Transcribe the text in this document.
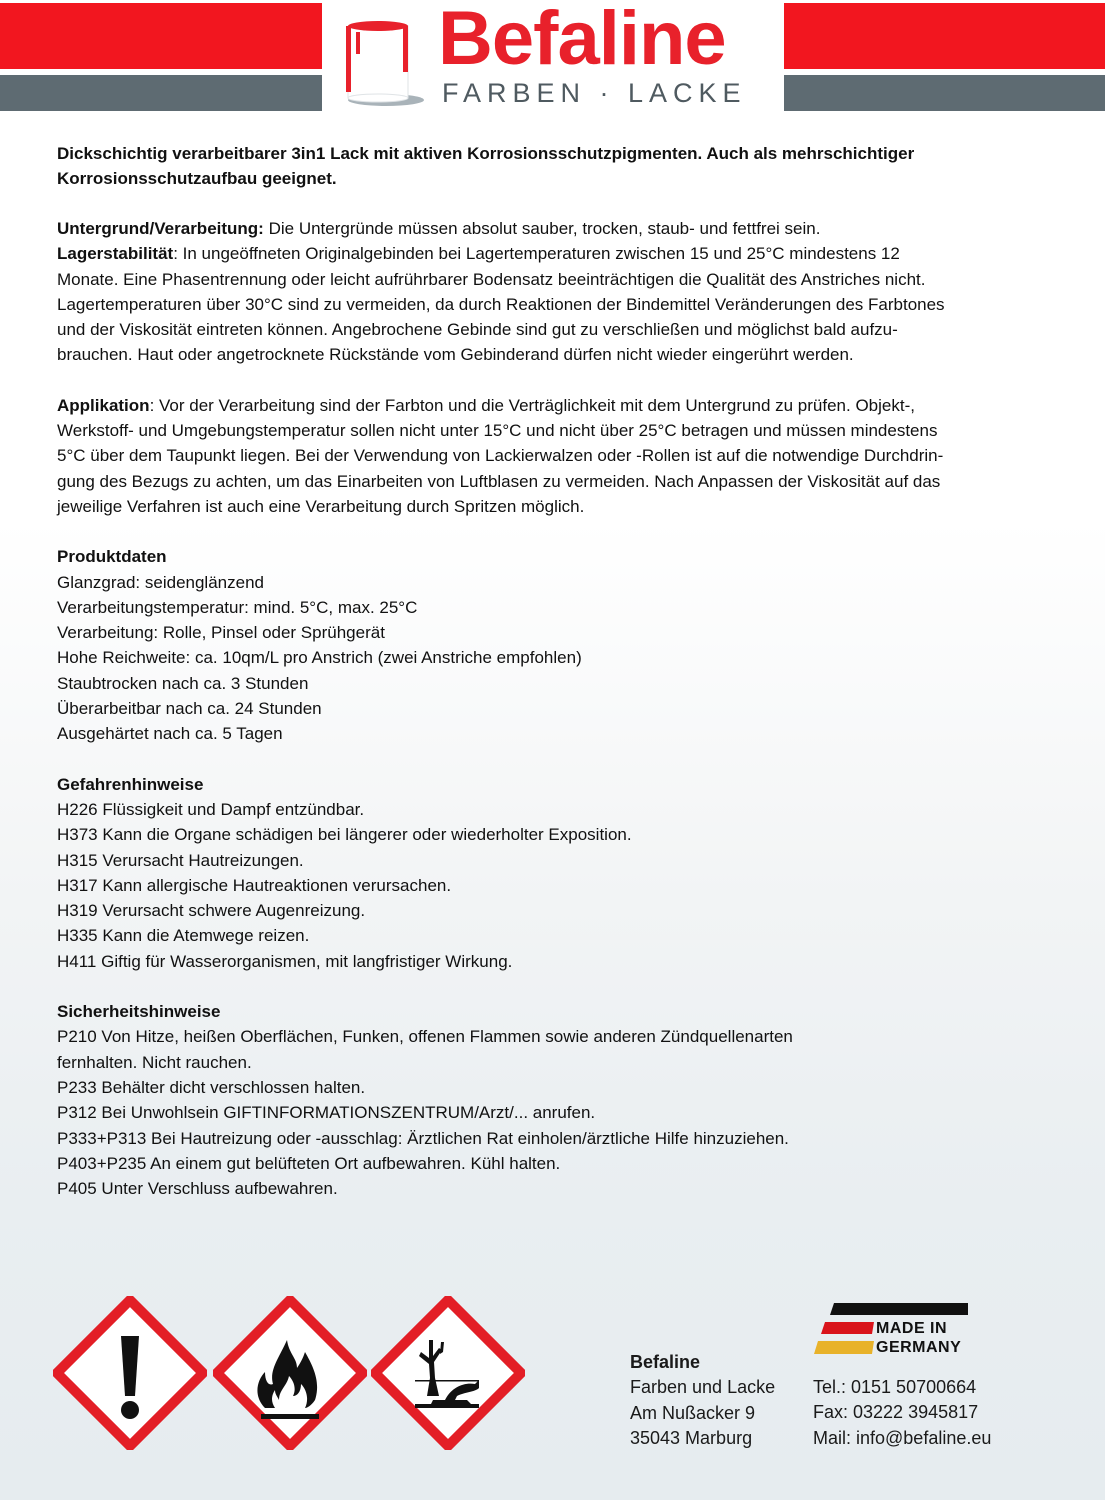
Befaline
FARBEN · LACKE

Dickschichtig verarbeitbarer 3in1 Lack mit aktiven Korrosionsschutzpigmenten. Auch als mehrschichtiger Korrosionsschutzaufbau geeignet.

Untergrund/Verarbeitung: Die Untergründe müssen absolut sauber, trocken, staub- und fettfrei sein.

Lagerstabilität: In ungeöffneten Originalgebinden bei Lagertemperaturen zwischen 15 und 25°C mindestens 12

Monate. Eine Phasentrennung oder leicht aufrührbarer Bodensatz beeinträchtigen die Qualität des Anstriches nicht.

Lagertemperaturen über 30°C sind zu vermeiden, da durch Reaktionen der Bindemittel Veränderungen des Farbtones

und der Viskosität eintreten können. Angebrochene Gebinde sind gut zu verschließen und möglichst bald aufzu-

brauchen. Haut oder angetrocknete Rückstände vom Gebinderand dürfen nicht wieder eingerührt werden.

Applikation: Vor der Verarbeitung sind der Farbton und die Verträglichkeit mit dem Untergrund zu prüfen. Objekt-,

Werkstoff- und Umgebungstemperatur sollen nicht unter 15°C und nicht über 25°C betragen und müssen mindestens

5°C über dem Taupunkt liegen. Bei der Verwendung von Lackierwalzen oder -Rollen ist auf die notwendige Durchdrin-

gung des Bezugs zu achten, um das Einarbeiten von Luftblasen zu vermeiden. Nach Anpassen der Viskosität auf das

jeweilige Verfahren ist auch eine Verarbeitung durch Spritzen möglich.

Produktdaten

Glanzgrad: seidenglänzend

Verarbeitungstemperatur: mind. 5°C, max. 25°C

Verarbeitung: Rolle, Pinsel oder Sprühgerät

Hohe Reichweite: ca. 10qm/L pro Anstrich (zwei Anstriche empfohlen)

Staubtrocken nach ca. 3 Stunden

Überarbeitbar nach ca. 24 Stunden

Ausgehärtet nach ca. 5 Tagen

Gefahrenhinweise

H226 Flüssigkeit und Dampf entzündbar.

H373 Kann die Organe schädigen bei längerer oder wiederholter Exposition.

H315 Verursacht Hautreizungen.

H317 Kann allergische Hautreaktionen verursachen.

H319 Verursacht schwere Augenreizung.

H335 Kann die Atemwege reizen.

H411 Giftig für Wasserorganismen, mit langfristiger Wirkung.

Sicherheitshinweise

P210 Von Hitze, heißen Oberflächen, Funken, offenen Flammen sowie anderen Zündquellenarten

fernhalten. Nicht rauchen.

P233 Behälter dicht verschlossen halten.

P312 Bei Unwohlsein GIFTINFORMATIONSZENTRUM/Arzt/... anrufen.

P333+P313 Bei Hautreizung oder -ausschlag: Ärztlichen Rat einholen/ärztliche Hilfe hinzuziehen.

P403+P235 An einem gut belüfteten Ort aufbewahren. Kühl halten.

P405 Unter Verschluss aufbewahren.

Befaline
Farben und Lacke
Am Nußacker 9
35043 Marburg
MADE IN
GERMANY
Tel.: 0151 50700664
Fax: 03222 3945817
Mail: info@befaline.eu
